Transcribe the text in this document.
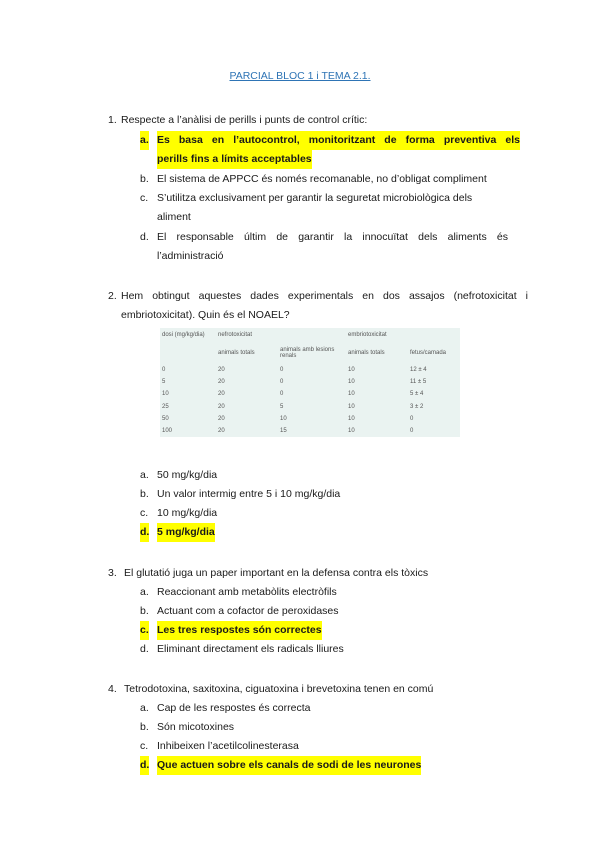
PARCIAL BLOC 1 i TEMA 2.1.
1. Respecte a l’anàlisi de perills i punts de control crític:
a. Es basa en l’autocontrol, monitoritzant de forma preventiva els
perills fins a límits acceptables
b. El sistema de APPCC és només recomanable, no d’obligat compliment
c. S’utilitza exclusivament per garantir la seguretat microbiològica dels
aliment
d. El responsable últim de garantir la innocuïtat dels aliments és
l’administració
2. Hem obtingut aquestes dades experimentals en dos assajos (nefrotoxicitat i
embriotoxicitat). Quin és el NOAEL?
dosi (mg/kg/dia)	nefrotoxicitat		embriotoxicitat	
	animals totals	animals amb lesions renals	animals totals	fetus/camada
0	20	0	10	12 ± 4
5	20	0	10	11 ± 5
10	20	0	10	5 ± 4
25	20	5	10	3 ± 2
50	20	10	10	0
100	20	15	10	0
a. 50 mg/kg/dia
b. Un valor intermig entre 5 i 10 mg/kg/dia
c. 10 mg/kg/dia
d. 5 mg/kg/dia
3. El glutatió juga un paper important en la defensa contra els tòxics
a. Reaccionant amb metabòlits electròfils
b. Actuant com a cofactor de peroxidases
c. Les tres respostes són correctes
d. Eliminant directament els radicals lliures
4. Tetrodotoxina, saxitoxina, ciguatoxina i brevetoxina tenen en comú
a. Cap de les respostes és correcta
b. Són micotoxines
c. Inhibeixen l’acetilcolinesterasa
d. Que actuen sobre els canals de sodi de les neurones
